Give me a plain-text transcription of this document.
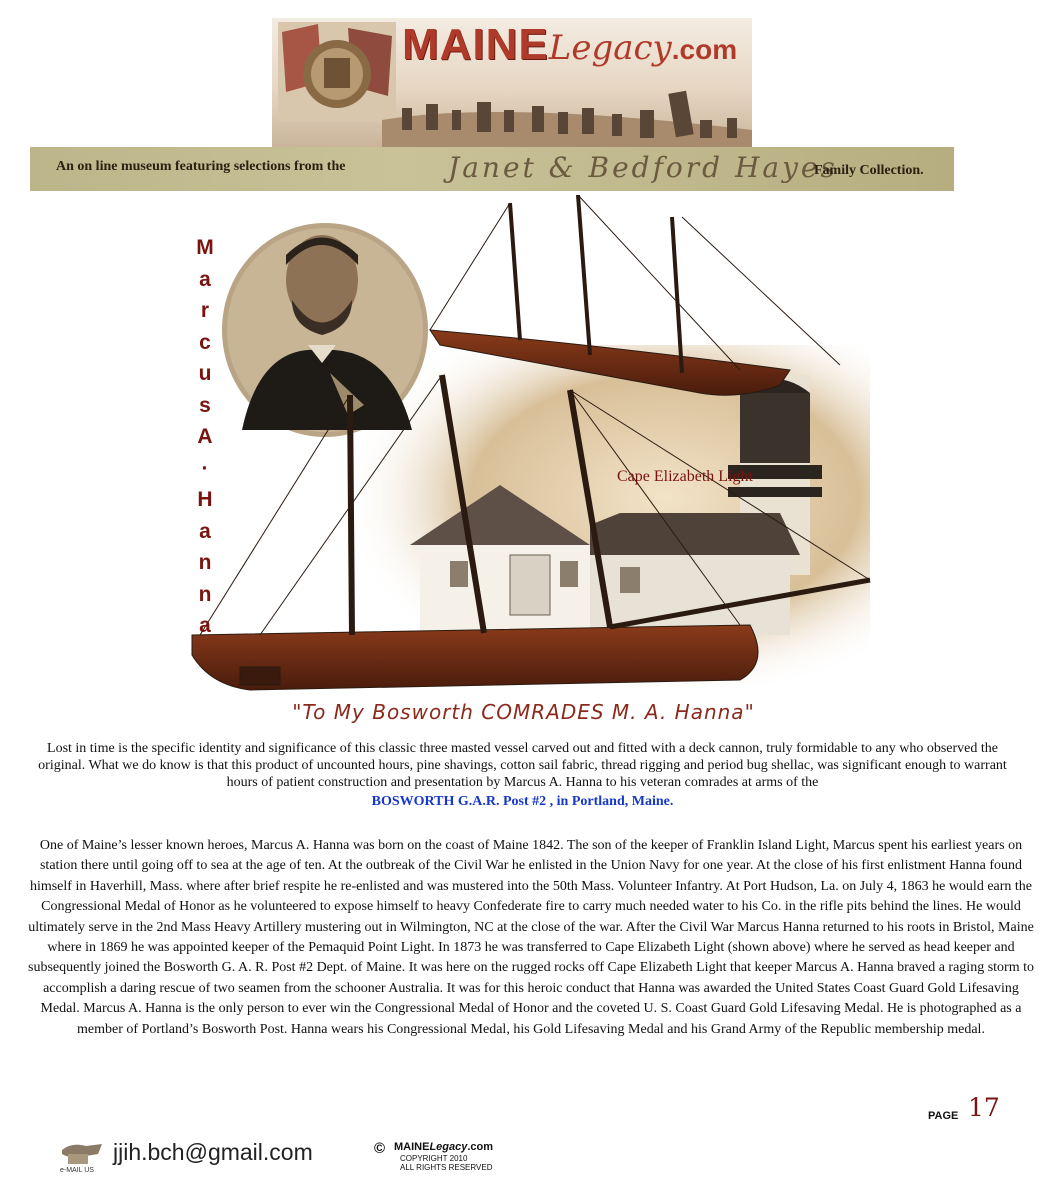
MAINELegacy.com
An on line museum featuring selections from the	Janet & Bedford Hayes
Family Collection.
M
a
r
c
u
s
A
·
H
a
n
n
a
Cape Elizabeth Light
"To My Bosworth COMRADES M. A. Hanna"
Lost in time is the specific identity and significance of this classic three masted vessel carved out and fitted with a deck cannon, truly formidable to any who observed the original. What we do know is that this product of uncounted hours, pine shavings, cotton sail fabric, thread rigging and period bug shellac, was significant enough to warrant hours of patient construction and presentation by Marcus A. Hanna to his veteran comrades at arms of the
BOSWORTH G.A.R. Post #2 , in Portland, Maine.
One of Maine’s lesser known heroes, Marcus A. Hanna was born on the coast of Maine 1842. The son of the keeper of Franklin Island Light, Marcus spent his earliest years on station there until going off to sea at the age of ten. At the outbreak of the Civil War he enlisted in the Union Navy for one year. At the close of his first enlistment Hanna found himself in Haverhill, Mass. where after brief respite he re-enlisted and was mustered into the 50th Mass. Volunteer Infantry. At Port Hudson, La. on July 4, 1863 he would earn the Congressional Medal of Honor as he volunteered to expose himself to heavy Confederate fire to carry much needed water to his Co. in the rifle pits behind the lines. He would ultimately serve in the 2nd Mass Heavy Artillery mustering out in Wilmington, NC at the close of the war. After the Civil War Marcus Hanna returned to his roots in Bristol, Maine where in 1869 he was appointed keeper of the Pemaquid Point Light. In 1873 he was transferred to Cape Elizabeth Light (shown above) where he served as head keeper and subsequently joined the Bosworth G. A. R. Post #2 Dept. of Maine. It was here on the rugged rocks off Cape Elizabeth Light that keeper Marcus A. Hanna braved a raging storm to accomplish a daring rescue of two seamen from the schooner Australia. It was for this heroic conduct that Hanna was awarded the United States Coast Guard Gold Lifesaving Medal. Marcus A. Hanna is the only person to ever win the Congressional Medal of Honor and the coveted U. S. Coast Guard Gold Lifesaving Medal. He is photographed as a member of Portland’s Bosworth Post. Hanna wears his Congressional Medal, his Gold Lifesaving Medal and his Grand Army of the Republic membership medal.
PAGE 17
e-MAIL US
jjih.bch@gmail.com	© MAINELegacy.com
COPYRIGHT 2010
ALL RIGHTS RESERVED
